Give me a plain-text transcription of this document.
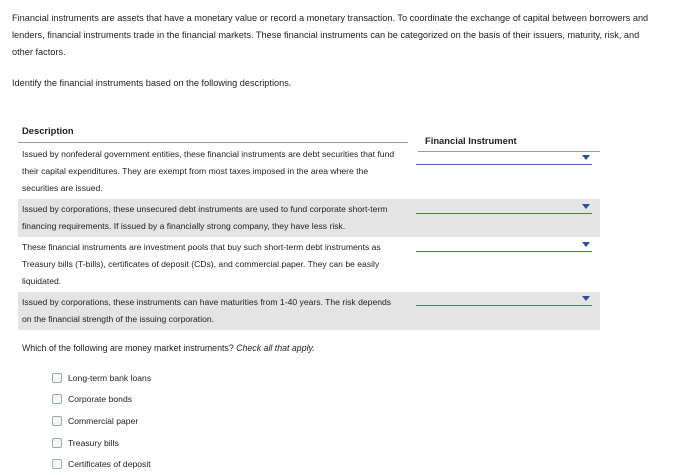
Financial instruments are assets that have a monetary value or record a monetary transaction. To coordinate the exchange of capital between borrowers and lenders, financial instruments trade in the financial markets. These financial instruments can be categorized on the basis of their issuers, maturity, risk, and other factors.
Identify the financial instruments based on the following descriptions.
Description
Financial Instrument
Issued by nonfederal government entities, these financial instruments are debt securities that fund their capital expenditures. They are exempt from most taxes imposed in the area where the securities are issued.
Issued by corporations, these unsecured debt instruments are used to fund corporate short-term financing requirements. If issued by a financially strong company, they have less risk.
These financial instruments are investment pools that buy such short-term debt instruments as Treasury bills (T-bills), certificates of deposit (CDs), and commercial paper. They can be easily liquidated.
Issued by corporations, these instruments can have maturities from 1-40 years. The risk depends on the financial strength of the issuing corporation.
Which of the following are money market instruments? Check all that apply.
Long-term bank loans
Corporate bonds
Commercial paper
Treasury bills
Certificates of deposit
